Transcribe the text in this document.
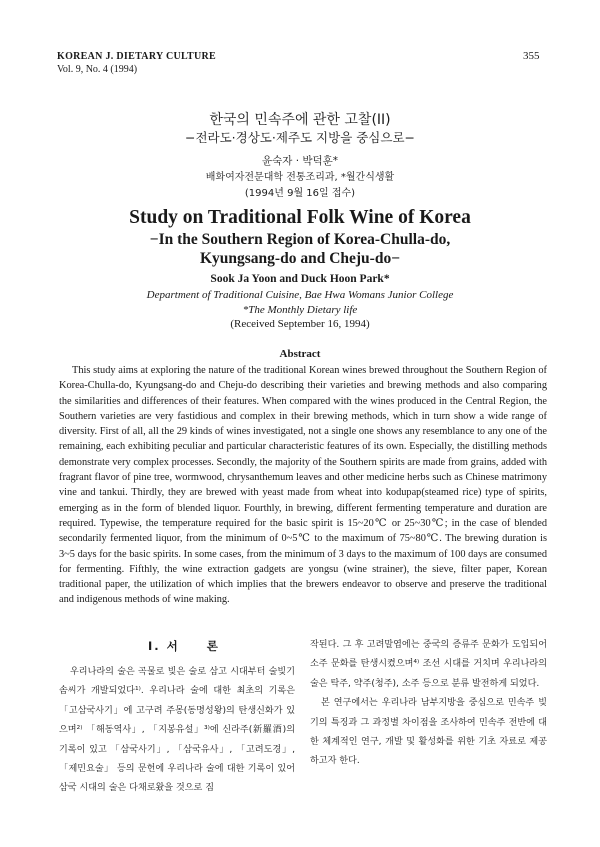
KOREAN J. DIETARY CULTURE
Vol. 9, No. 4 (1994)
355
한국의 민속주에 관한 고찰(II)
−전라도·경상도·제주도 지방을 중심으로−
윤숙자 · 박덕훈*
배화여자전문대학 전통조리과, *월간식생활
(1994년 9월 16일 접수)
Study on Traditional Folk Wine of Korea
−In the Southern Region of Korea-Chulla-do,
Kyungsang-do and Cheju-do−
Sook Ja Yoon and Duck Hoon Park*
Department of Traditional Cuisine, Bae Hwa Womans Junior College
*The Monthly Dietary life
(Received September 16, 1994)
Abstract
This study aims at exploring the nature of the traditional Korean wines brewed throughout the Southern Region of Korea-Chulla-do, Kyungsang-do and Cheju-do describing their varieties and brewing methods and also comparing the similarities and differences of their features. When compared with the wines produced in the Central Region, the Southern varieties are very fastidious and complex in their brewing methods, which in turn show a wide range of diversity. First of all, all the 29 kinds of wines investigated, not a single one shows any resemblance to any one of the remaining, each exhibiting peculiar and particular characteristic features of its own. Especially, the distilling methods demonstrate very complex processes. Secondly, the majority of the Southern spirits are made from grains, added with fragrant flavor of pine tree, wormwood, chrysanthemum leaves and other medicine herbs such as Chinese matrimony vine and tankui. Thirdly, they are brewed with yeast made from wheat into kodupap(steamed rice) type of spirits, emerging as in the form of blended liquor. Fourthly, in brewing, different fermenting temperature and duration are required. Typewise, the temperature required for the basic spirit is 15~20℃ or 25~30℃; in the case of blended secondarily fermented liquor, from the minimum of 0~5℃ to the maximum of 75~80℃. The brewing duration is 3~5 days for the basic spirits. In some cases, from the minimum of 3 days to the maximum of 100 days are consumed for fermenting. Fifthly, the wine extraction gadgets are yongsu (wine strainer), the sieve, filter paper, Korean traditional paper, the utilization of which implies that the brewers endeavor to observe and preserve the traditional and indigenous methods of wine making.
I. 서　　론

우리나라의 술은 곡물로 빚은 술로 삼고 시대부터 술빚기 솜씨가 개발되었다¹⁾. 우리나라 술에 대한 최초의 기록은 「고삼국사기」에 고구려 주몽(동명성왕)의 탄생신화가 있으며²⁾ 「해동역사」, 「지봉유설」³⁾에 신라주(新羅酒)의 기록이 있고 「삼국사기」, 「삼국유사」, 「고려도경」, 「제민요술」 등의 문헌에 우리나라 술에 대한 기록이 있어 삼국 시대의 술은 다채로왔을 것으로 짐

작된다. 그 후 고려말엽에는 중국의 증류주 문화가 도입되어 소주 문화를 탄생시켰으며⁴⁾ 조선 시대를 거치며 우리나라의 술은 탁주, 약주(청주), 소주 등으로 분류 발전하게 되었다.

본 연구에서는 우리나라 남부지방을 중심으로 민속주 빚기의 특징과 그 과정별 차이점을 조사하여 민속주 전반에 대한 체계적인 연구, 개발 및 활성화를 위한 기초 자료로 제공하고자 한다.
